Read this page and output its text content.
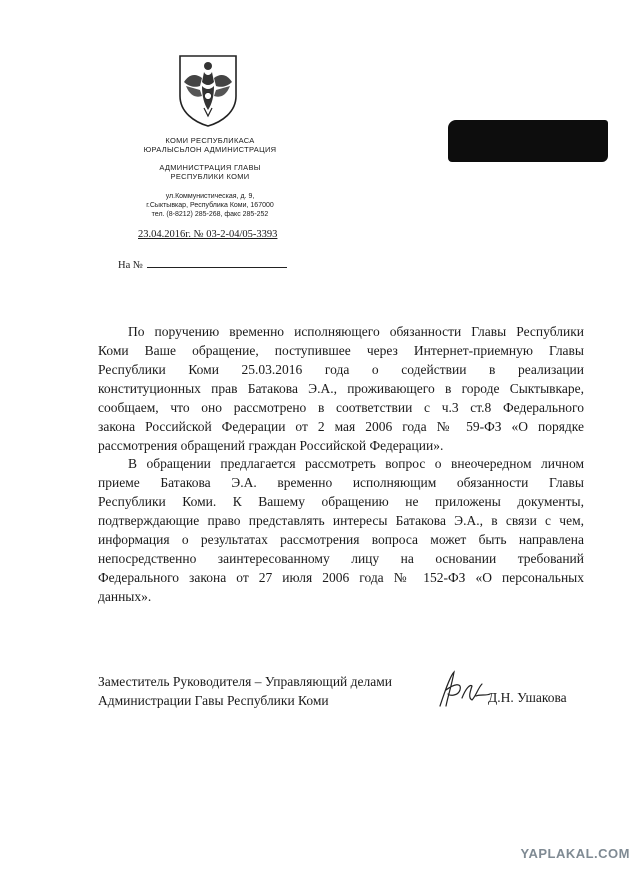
КОМИ РЕСПУБЛИКАСА
ЮРАЛЫСЬЛОН АДМИНИСТРАЦИЯ
АДМИНИСТРАЦИЯ ГЛАВЫ
РЕСПУБЛИКИ КОМИ
ул.Коммунистическая, д. 9,
г.Сыктывкар, Республика Коми, 167000
тел. (8-8212) 285-268, факс 285-252
23.04.2016г. № 03-2-04/05-3393
На №
По поручению временно исполняющего обязанности Главы Республики
Коми Ваше обращение, поступившее через Интернет-приемную Главы
Республики Коми 25.03.2016 года о содействии в реализации
конституционных прав Батакова Э.А., проживающего в городе Сыктывкаре,
сообщаем, что оно рассмотрено в соответствии с ч.3 ст.8 Федерального
закона Российской Федерации от 2 мая 2006 года № 59-ФЗ «О порядке
рассмотрения обращений граждан Российской Федерации».
В обращении предлагается рассмотреть вопрос о внеочередном личном
приеме Батакова Э.А. временно исполняющим обязанности Главы
Республики Коми. К Вашему обращению не приложены документы,
подтверждающие право представлять интересы Батакова Э.А., в связи с чем,
информация о результатах рассмотрения вопроса может быть направлена
непосредственно заинтересованному лицу на основании требований
Федерального закона от 27 июля 2006 года № 152-ФЗ «О персональных
данных».
Заместитель Руководителя – Управляющий делами
Администрации Гавы Республики Коми	Д.Н. Ушакова
YAPLAKAL.COM
